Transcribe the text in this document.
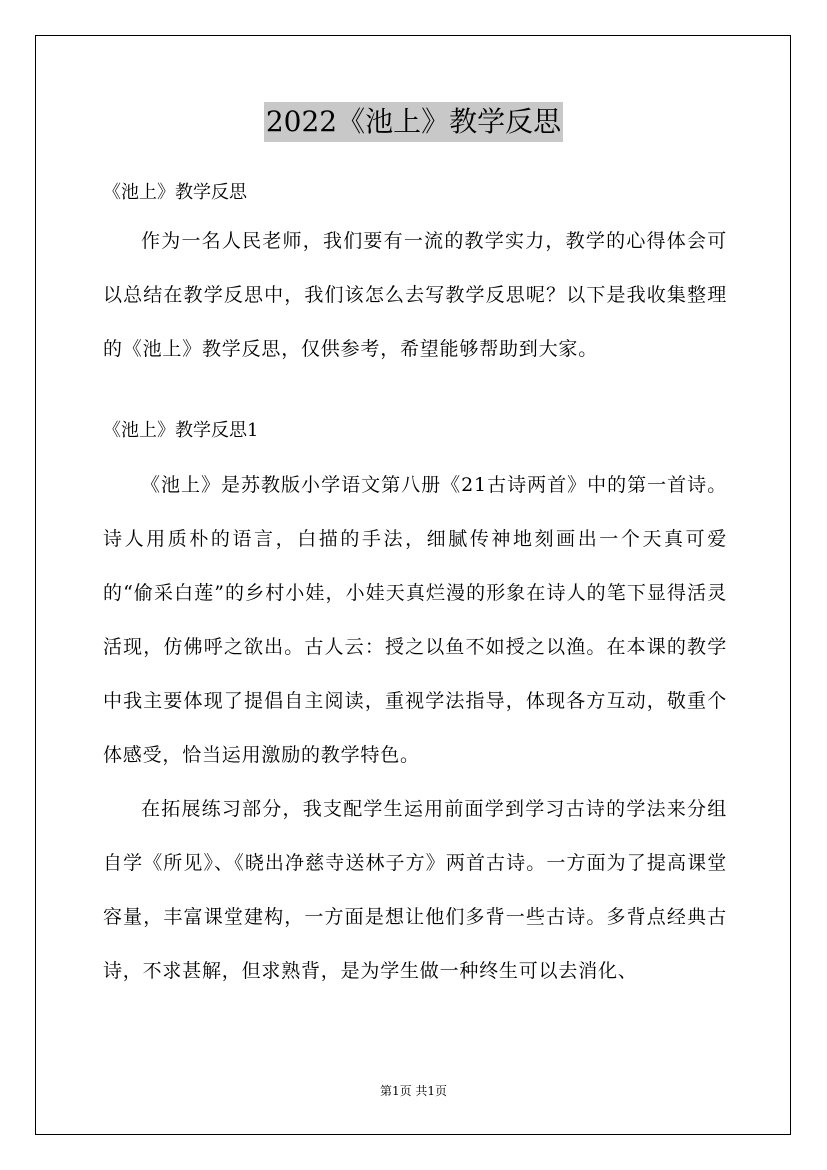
2022《池上》教学反思
《池上》教学反思

作为一名人民老师，我们要有一流的教学实力，教学的心得体会可以总结在教学反思中，我们该怎么去写教学反思呢？以下是我收集整理的《池上》教学反思，仅供参考，希望能够帮助到大家。

《池上》教学反思1

《池上》是苏教版小学语文第八册《21古诗两首》中的第一首诗。诗人用质朴的语言，白描的手法，细腻传神地刻画出一个天真可爱的“偷采白莲”的乡村小娃，小娃天真烂漫的形象在诗人的笔下显得活灵活现，仿佛呼之欲出。古人云：授之以鱼不如授之以渔。在本课的教学中我主要体现了提倡自主阅读，重视学法指导，体现各方互动，敬重个体感受，恰当运用激励的教学特色。

在拓展练习部分，我支配学生运用前面学到学习古诗的学法来分组自学《所见》、《晓出净慈寺送林子方》两首古诗。一方面为了提高课堂容量，丰富课堂建构，一方面是想让他们多背一些古诗。多背点经典古诗，不求甚解，但求熟背，是为学生做一种终生可以去消化、

第1页 共1页
